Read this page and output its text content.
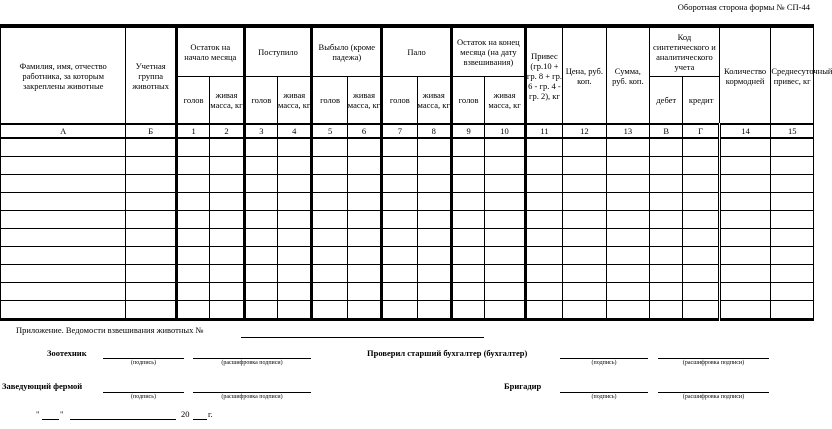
Оборотная сторона формы № СП-44
Фамилия, имя, отчество работника, за которым закреплены животные	Учетная группа животных	Остаток на начало месяца		Поступило		Выбыло (кроме падежа)		Пало		Остаток на конец месяца (на дату взвешивания)		Привес (гр.10 + гр. 8 + гр. 6 - гр. 4 - гр. 2), кг	Цена, руб. коп.	Сумма, руб. коп.	Код синтетического и аналитического учета		Количество кормодней	Среднесуточный привес, кг
		голов	живая масса, кг	голов	живая масса, кг	голов	живая масса, кг	голов	живая масса, кг	голов	живая масса, кг				дебет	кредит		
А	Б	1	2	3	4	5	6	7	8	9	10	11	12	13	В	Г	14	15

Приложение. Ведомости взвешивания животных №
Зоотехник
(подпись)	(расшифровка подписи)
Проверил старший бухгалтер (бухгалтер)
(подпись)	(расшифровка подписи)
Заведующий фермой
(подпись)	(расшифровка подписи)
Бригадир
(подпись)	(расшифровка подписи)
" "	20 г.
